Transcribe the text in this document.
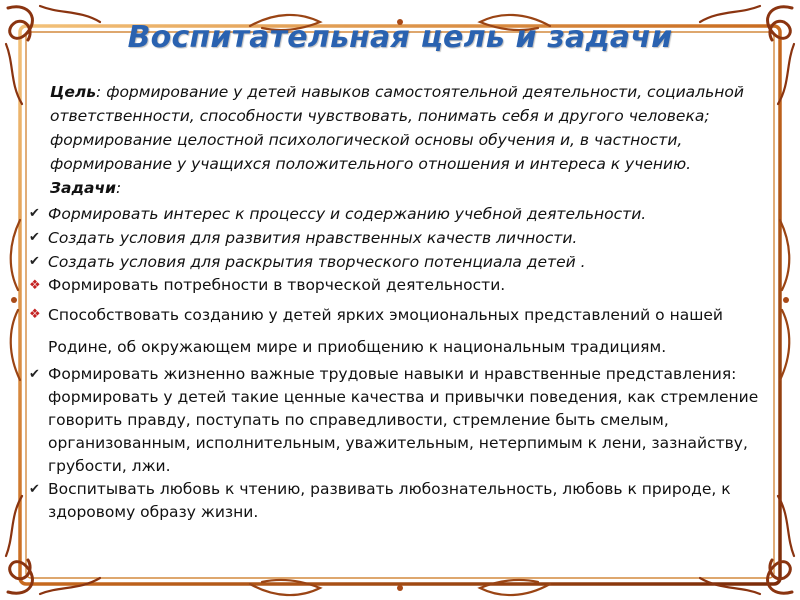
Воспитательная цель и задачи
Цель: формирование у детей навыков самостоятельной деятельности, социальной ответственности, способности чувствовать, понимать себя и другого человека; формирование целостной психологической основы обучения и, в частности, формирование у учащихся положительного отношения и интереса к учению.
Задачи:
✔ Формировать интерес к процессу и содержанию учебной деятельности.
✔ Создать условия для развития нравственных качеств личности.
✔ Создать условия для раскрытия творческого потенциала детей .
❖ Формировать потребности в творческой деятельности.
❖ Способствовать созданию у детей ярких эмоциональных представлений о нашей Родине, об окружающем мире и приобщению к национальным традициям.
✔ Формировать жизненно важные трудовые навыки и нравственные представления: формировать у детей такие ценные качества и привычки поведения, как стремление говорить правду, поступать по справедливости, стремление быть смелым, организованным, исполнительным, уважительным, нетерпимым к лени, зазнайству, грубости, лжи.
✔ Воспитывать любовь к чтению, развивать любознательность, любовь к природе, к здоровому образу жизни.
